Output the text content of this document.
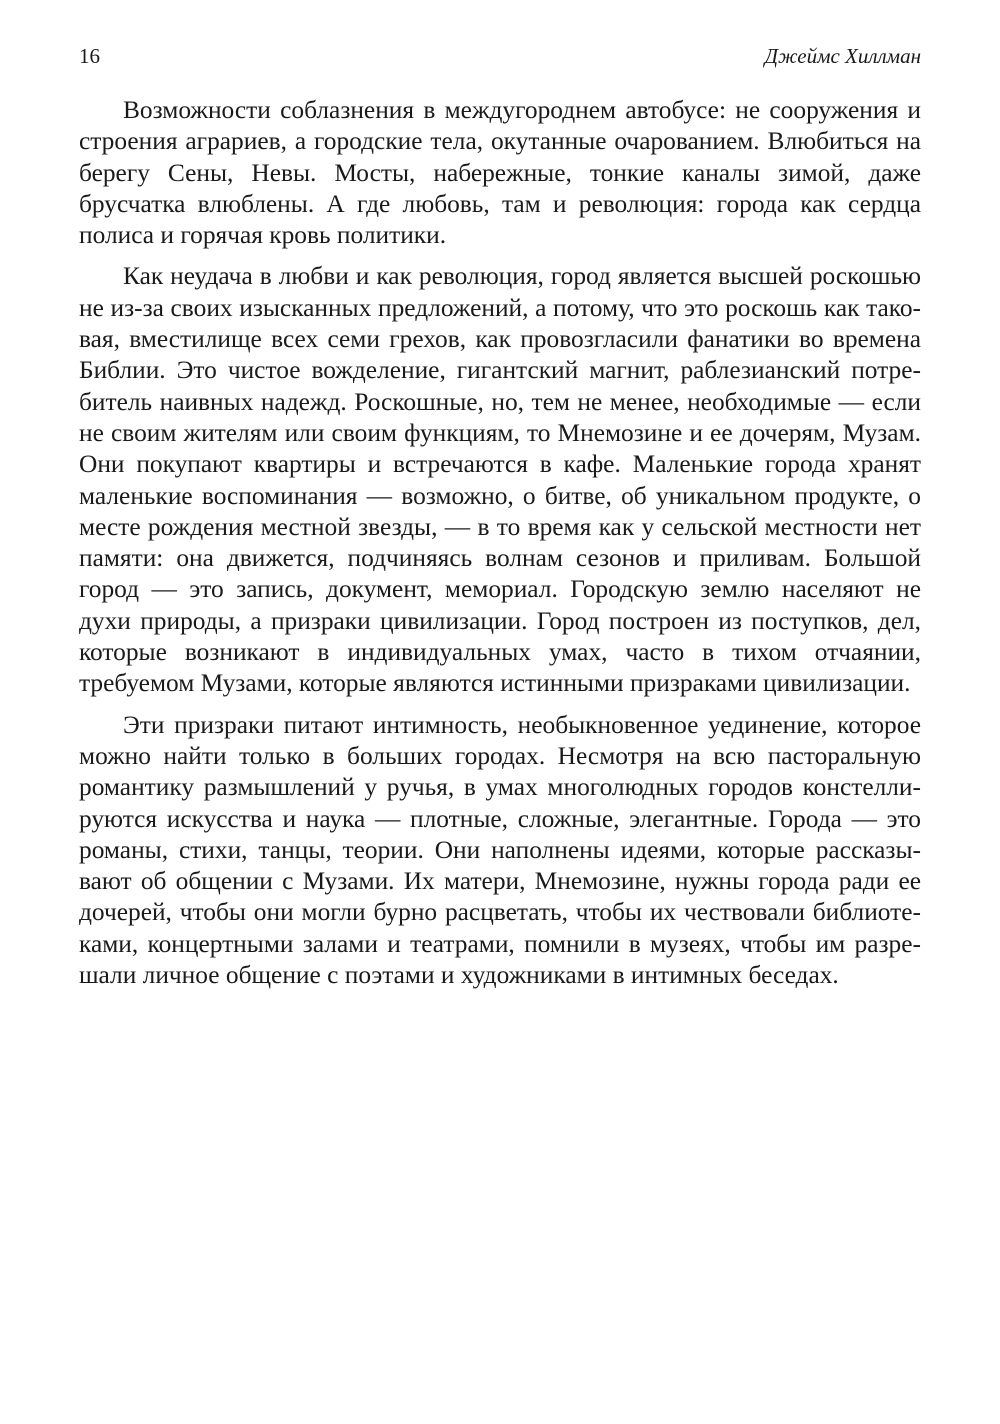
16	Джеймс Хиллман

Возможности соблазнения в междугороднем автобусе: не сооружения и строения аграриев, а городские тела, окутанные очарованием. Влюбиться на берегу Сены, Невы. Мосты, набережные, тонкие каналы зимой, даже брусчатка влюблены. А где любовь, там и революция: города как сердца полиса и горячая кровь политики.

Как неудача в любви и как революция, город является высшей роскошью не из-за своих изысканных предложений, а потому, что это роскошь как таковая, вместилище всех семи грехов, как провозгласили фанатики во времена Библии. Это чистое вожделение, гигантский магнит, раблезианский потребитель наивных надежд. Роскошные, но, тем не менее, необходимые — если не своим жителям или своим функциям, то Мнемозине и ее дочерям, Музам. Они покупают квартиры и встречаются в кафе. Маленькие города хранят маленькие воспоминания — возможно, о битве, об уникальном продукте, о месте рождения местной звезды, — в то время как у сельской местности нет памяти: она движется, подчиняясь волнам сезонов и приливам. Большой город — это запись, документ, мемориал. Городскую землю населяют не духи природы, а призраки цивилизации. Город построен из поступков, дел, которые возникают в индивидуальных умах, часто в тихом отчаянии, требуемом Музами, которые являются истинными призраками цивилизации.

Эти призраки питают интимность, необыкновенное уединение, которое можно найти только в больших городах. Несмотря на всю пасторальную романтику размышлений у ручья, в умах многолюдных городов констеллируются искусства и наука — плотные, сложные, элегантные. Города — это романы, стихи, танцы, теории. Они наполнены идеями, которые рассказывают об общении с Музами. Их матери, Мнемозине, нужны города ради ее дочерей, чтобы они могли бурно расцветать, чтобы их чествовали библиотеками, концертными залами и театрами, помнили в музеях, чтобы им разрешали личное общение с поэтами и художниками в интимных беседах.
